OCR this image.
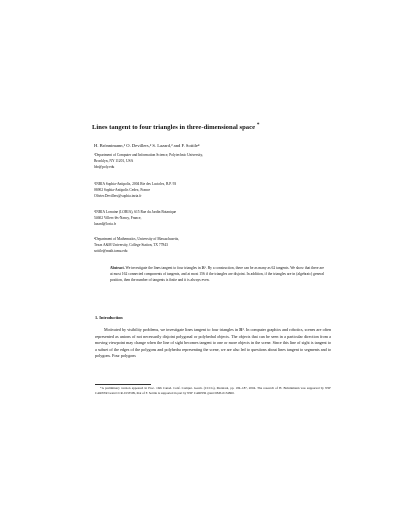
Lines tangent to four triangles in three-dimensional space *
H. Brönnimann,¹ O. Devillers,² S. Lazard,³ and F. Sottile⁴
¹Department of Computer and Information Science, Polytechnic University,
Brooklyn, NY 11201, USA
hbr@poly.edu
²INRIA Sophia-Antipolis, 2004 Rte des Lucioles, B.P. 93
06902 Sophia-Antipolis Cedex, France
Olivier.Devillers@sophia.inria.fr
³INRIA Lorraine (LORIA), 615 Rue du Jardin Botanique
54602 Villers-lès-Nancy, France,
lazard@loria.fr
⁴Department of Mathematics, University of Massachusetts,
Texas A&M University, College Station, TX 77843
sottile@math.tamu.edu
Abstract. We investigate the lines tangent to four triangles in ℝ³. By a construction, there can be as many as 62 tangents. We show that there are at most 162 connected components of tangents, and at most 156 if the triangles are disjoint. In addition, if the triangles are in (algebraic) general position, then the number of tangents is finite and it is always even.
1. Introduction
Motivated by visibility problems, we investigate lines tangent to four triangles in ℝ³. In computer graphics and robotics, scenes are often represented as unions of not necessarily disjoint polygonal or polyhedral objects. The objects that can be seen in a particular direction from a moving viewpoint may change when the line of sight becomes tangent to one or more objects in the scene. Since this line of sight is tangent to a subset of the edges of the polygons and polyhedra representing the scene, we are also led to questions about lines tangent to segments and to polygons. Four polygons
*A preliminary version appeared in Proc. 16th Canad. Conf. Comput. Geom. (CCCG), Montreal, pp. 184–187, 2004. The research of H. Brönnimann was supported by NSF CAREER Grant CCR-0133599, that of F. Sottile is supported in part by NSF CAREER grant DMS-0134860.
